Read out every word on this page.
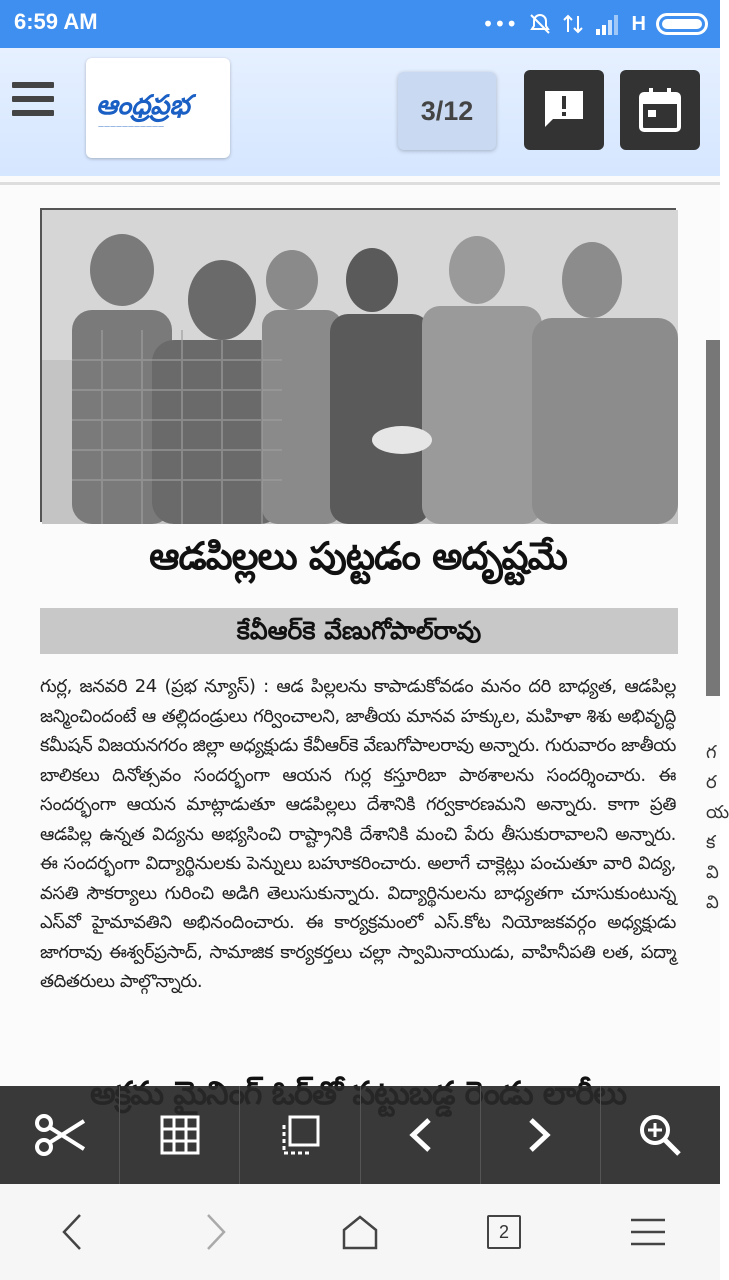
6:59 AM	•••	H
ఆంధ్రప్రభ
———————————
3/12
ఆడపిల్లలు పుట్టడం అదృష్టమే
కేవీఆర్‌కె వేణుగోపాల్‌రావు
గుర్ల, జనవరి 24 (ప్రభ న్యూస్) : ఆడ పిల్లలను కాపాడుకోవడం మనం దరి బాధ్యత, ఆడపిల్ల జన్మించిందంటే ఆ తల్లిదండ్రులు గర్వించాలని, జాతీయ మానవ హక్కుల, మహిళా శిశు అభివృద్ధి కమీషన్ విజయనగరం జిల్లా అధ్యక్షుడు కేవీఆర్‌కె వేణుగోపాలరావు అన్నారు. గురువారం జాతీయ బాలికలు దినోత్సవం సందర్భంగా ఆయన గుర్ల కస్తూరిబా పాఠశాలను సందర్శించారు. ఈ సందర్భంగా ఆయన మాట్లాడుతూ ఆడపిల్లలు దేశానికి గర్వకారణమని అన్నారు. కాగా ప్రతి ఆడపిల్ల ఉన్నత విద్యను అభ్యసించి రాష్ట్రానికి దేశానికి మంచి పేరు తీసుకురావాలని అన్నారు. ఈ సందర్భంగా విద్యార్థినులకు పెన్నులు బహూకరించారు. అలాగే చాక్లెట్లు పంచుతూ వారి విద్య, వసతి సౌకర్యాలు గురించి అడిగి తెలుసుకున్నారు. విద్యార్థినులను బాధ్యతగా చూసుకుంటున్న ఎస్‌వో హైమావతిని అభినందించారు. ఈ కార్యక్రమంలో ఎస్.కోట నియోజకవర్గం అధ్యక్షుడు జాగరావు ఈశ్వర్‌ప్రసాద్, సామాజిక కార్యకర్తలు చల్లా స్వామినాయుడు, వాహినీపతి లత, పద్మా తదితరులు పాల్గొన్నారు.
గ
ర
య
క
వి
వి
2
